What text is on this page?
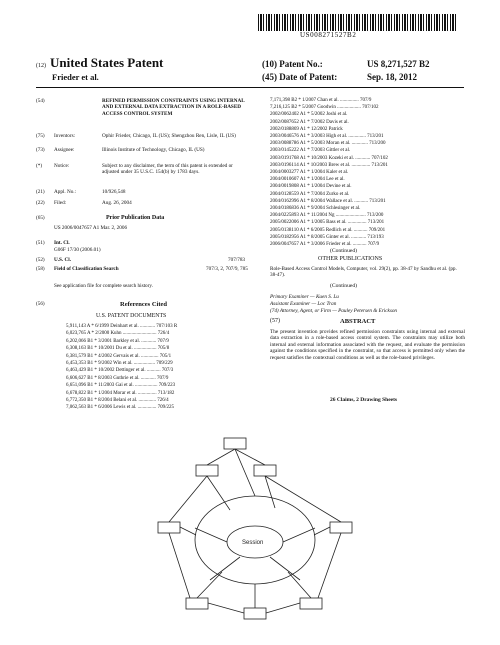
US008271527B2
(12) United States Patent
Frieder et al.
(10) Patent No.:	US 8,271,527 B2
(45) Date of Patent:	Sep. 18, 2012
(54)	REFINED PERMISSION CONSTRAINTS USING INTERNAL AND EXTERNAL DATA EXTRACTION IN A ROLE-BASED ACCESS CONTROL SYSTEM
(75)	Inventors:	Ophir Frieder, Chicago, IL (US); Shengzhou Ren, Lisle, IL (US)
(73)	Assignee:	Illinois Institute of Technology, Chicago, IL (US)
(*)	Notice:	Subject to any disclaimer, the term of this patent is extended or adjusted under 35 U.S.C. 154(b) by 1783 days.
(21)	Appl. No.:	10/926,548
(22)	Filed:	Aug. 26, 2004
(65)	Prior Publication Data
US 2006/0047657 A1 Mar. 2, 2006
(51) Int. Cl.
G06F 17/30 (2006.01)
(52) U.S. Cl.	707/783
(58) Field of Classification Search	707/3, 2, 707/9, 785
See application file for complete search history.
(56)	References Cited
U.S. PATENT DOCUMENTS
5,911,143 A * 6/1999 Deinhart et al. ............ 707/103 R
6,023,765 A * 2/2000 Kuhn ........................... 726/4
6,202,066 B1 * 3/2001 Barkley et al. ............ 707/9
6,308,163 B1 * 10/2001 Du et al. .................. 705/8
6,381,579 B1 * 4/2002 Gervais et al. .............. 705/1
6,453,353 B1 * 9/2002 Win et al. ................. 709/229
6,463,429 B1 * 10/2002 Dettinger et al. ........... 707/3
6,606,627 B1 * 8/2003 Guthrie et al. ............ 707/9
6,651,096 B1 * 11/2003 Gai et al. .................. 709/223
6,678,822 B1 * 1/2004 Morar et al. ............... 713/182
6,772,350 B1 * 8/2004 Belani et al. .............. 726/4
7,062,563 B1 * 6/2006 Lewis et al. ............... 709/225
7,171,398 B2 * 1/2007 Chan et al. ............... 707/9
7,216,125 B2 * 5/2007 Goodwin ................... 707/102
2002/0062402 A1 * 5/2002 Joshi et al.
2002/0087652 A1 * 7/2002 Davis et al.
2002/0188869 A1 * 12/2002 Patrick
2003/0046576 A1 * 3/2003 High et al. .............. 713/201
2003/0088786 A1 * 5/2003 Moran et al. ............. 713/200
2003/0145222 A1 * 7/2003 Gittler et al.
2003/0191768 A1 * 10/2003 Kozeki et al. ............ 707/102
2003/0196114 A1 * 10/2003 Brew et al. ............... 713/201
2004/0003277 A1 * 1/2004 Kaler et al.
2004/0010607 A1 * 1/2004 Lee et al.
2004/0019808 A1 * 1/2004 Devine et al.
2004/0128559 A1 * 7/2004 Zurko et al.
2004/0162996 A1 * 8/2004 Wallace et al. ........... 713/201
2004/0186836 A1 * 9/2004 Schlesinger et al.
2004/0225893 A1 * 11/2004 Ng ........................ 713/200
2005/0022006 A1 * 1/2005 Bass et al. ............... 713/201
2005/0138110 A1 * 6/2005 Redlich et al. ........... 709/201
2005/0182956 A1 * 8/2005 Ginter et al. ............ 713/193
2006/0047657 A1 * 3/2006 Frieder et al. ........... 707/9
(Continued)
OTHER PUBLICATIONS
Role-Based Access Control Models, Computer, vol. 29(2), pp. 38-47 by Sandhu et al. (pp. 38-47).
(Continued)
Primary Examiner — Kuen S. Lu
Assistant Examiner — Loc Tran
(74) Attorney, Agent, or Firm — Pauley Petersen & Erickson
(57)	ABSTRACT
The present invention provides refined permission constraints using internal and external data extraction in a role-based access control system. The constraints may utilize both internal and external information associated with the request, and evaluate the permission against the conditions specified in the constraint, so that access is permitted only when the request satisfies the contextual conditions as well as the role-based privileges.
26 Claims, 2 Drawing Sheets
Session
